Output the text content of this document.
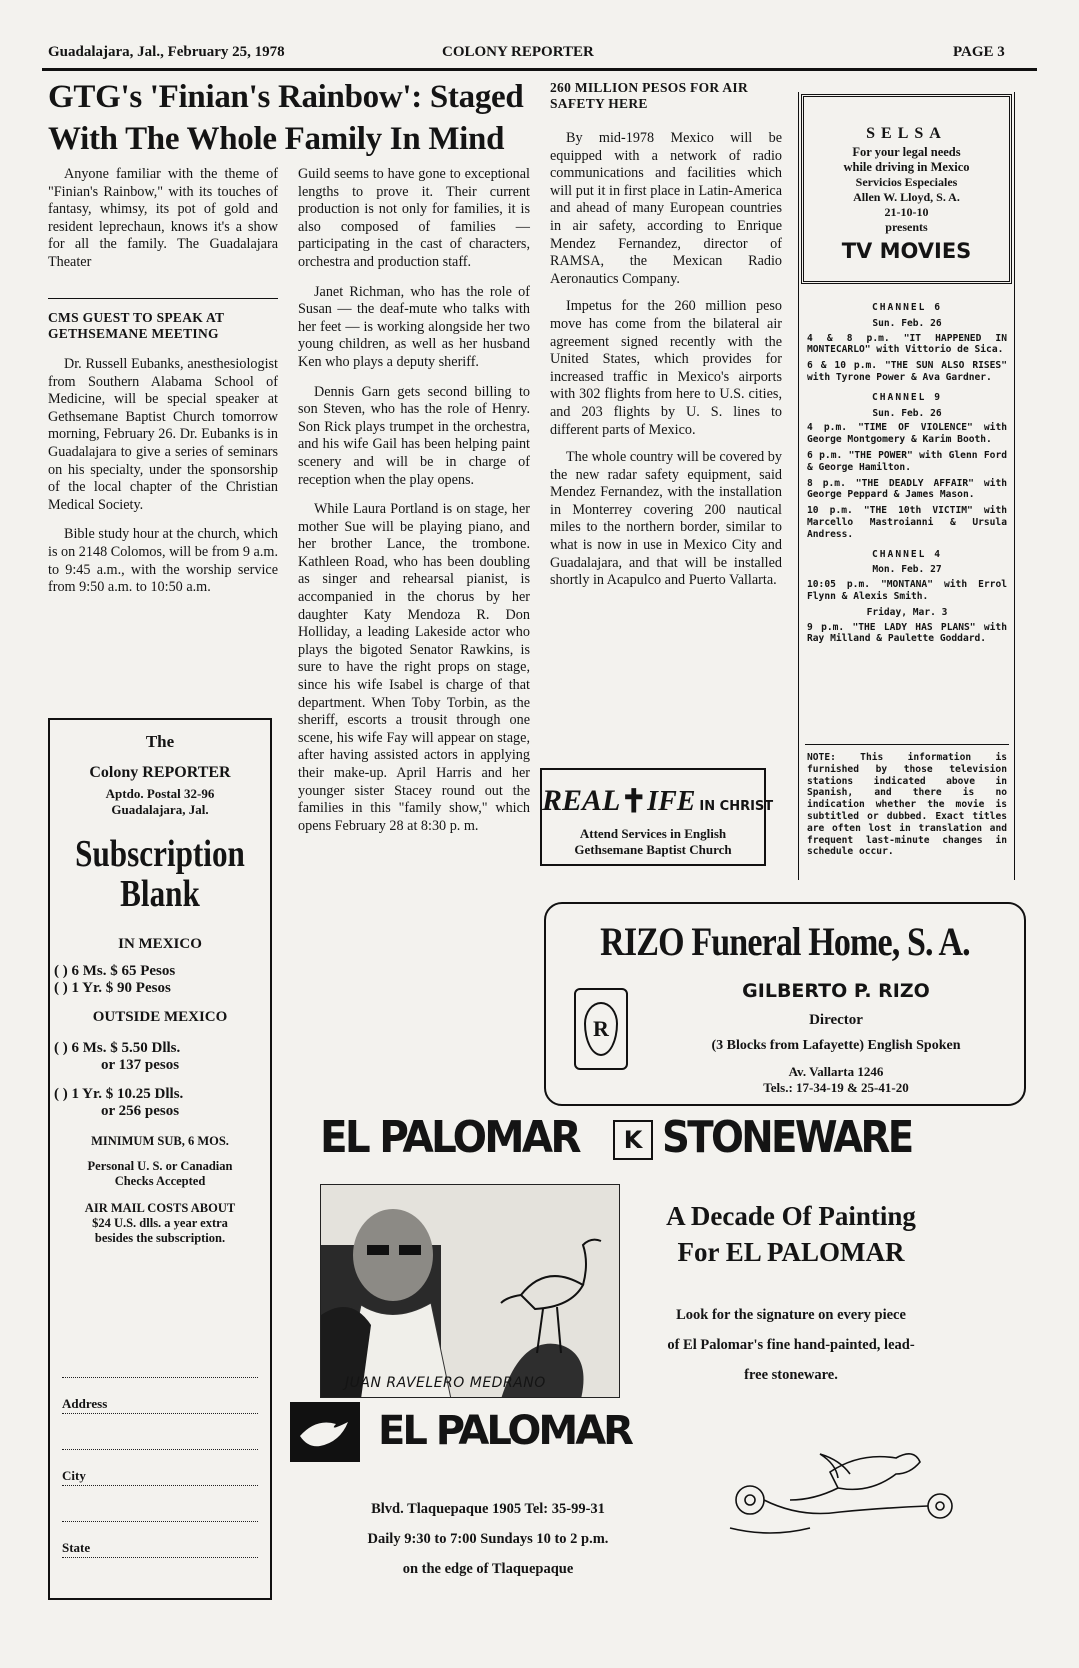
Guadalajara, Jal., February 25, 1978	COLONY REPORTER	PAGE 3
GTG's 'Finian's Rainbow': Staged
With The Whole Family In Mind

Anyone familiar with the theme of "Finian's Rainbow," with its touches of fantasy, whimsy, its pot of gold and resident leprechaun, knows it's a show for all the family. The Guadalajara Theater

CMS GUEST TO SPEAK AT GETHSEMANE MEETING

Dr. Russell Eubanks, anesthesiologist from Southern Alabama School of Medicine, will be special speaker at Gethsemane Baptist Church tomorrow morning, February 26. Dr. Eubanks is in Guadalajara to give a series of seminars on his specialty, under the sponsorship of the local chapter of the Christian Medical Society.

Bible study hour at the church, which is on 2148 Colomos, will be from 9 a.m. to 9:45 a.m., with the worship service from 9:50 a.m. to 10:50 a.m.

Guild seems to have gone to exceptional lengths to prove it. Their current production is not only for families, it is also composed of families — participating in the cast of characters, orchestra and production staff.

Janet Richman, who has the role of Susan — the deaf-mute who talks with her feet — is working alongside her two young children, as well as her husband Ken who plays a deputy sheriff.

Dennis Garn gets second billing to son Steven, who has the role of Henry. Son Rick plays trumpet in the orchestra, and his wife Gail has been helping paint scenery and will be in charge of reception when the play opens.

While Laura Portland is on stage, her mother Sue will be playing piano, and her brother Lance, the trombone. Kathleen Road, who has been doubling as singer and rehearsal pianist, is accompanied in the chorus by her daughter Katy Mendoza R. Don Holliday, a leading Lakeside actor who plays the bigoted Senator Rawkins, is sure to have the right props on stage, since his wife Isabel is charge of that department. When Toby Torbin, as the sheriff, escorts a trousit through one scene, his wife Fay will appear on stage, after having assisted actors in applying their make-up. April Harris and her younger sister Stacey round out the families in this "family show," which opens February 28 at 8:30 p. m.

260 MILLION PESOS FOR AIR SAFETY HERE

By mid-1978 Mexico will be equipped with a network of radio communications and facilities which will put it in first place in Latin-America and ahead of many European countries in air safety, according to Enrique Mendez Fernandez, director of RAMSA, the Mexican Radio Aeronautics Company.

Impetus for the 260 million peso move has come from the bilateral air agreement signed recently with the United States, which provides for increased traffic in Mexico's airports with 302 flights from here to U.S. cities, and 203 flights by U. S. lines to different parts of Mexico.

The whole country will be covered by the new radar safety equipment, said Mendez Fernandez, with the installation in Monterrey covering 200 nautical miles to the northern border, similar to what is now in use in Mexico City and Guadalajara, and that will be installed shortly in Acapulco and Puerto Vallarta.

SELSA
For your legal needs
while driving in Mexico
Servicios Especiales
Allen W. Lloyd, S. A.
21-10-10
presents
TV MOVIES
CHANNEL 6
Sun. Feb. 26
4 & 8 p.m. "IT HAPPENED IN MONTECARLO" with Vittorio de Sica.
6 & 10 p.m. "THE SUN ALSO RISES" with Tyrone Power & Ava Gardner.
CHANNEL 9
Sun. Feb. 26
4 p.m. "TIME OF VIOLENCE" with George Montgomery & Karim Booth.
6 p.m. "THE POWER" with Glenn Ford & George Hamilton.
8 p.m. "THE DEADLY AFFAIR" with George Peppard & James Mason.
10 p.m. "THE 10th VICTIM" with Marcello Mastroianni & Ursula Andress.
CHANNEL 4
Mon. Feb. 27
10:05 p.m. "MONTANA" with Errol Flynn & Alexis Smith.
Friday, Mar. 3
9 p.m. "THE LADY HAS PLANS" with Ray Milland & Paulette Goddard.
NOTE: This information is furnished by those television stations indicated above in Spanish, and there is no indication whether the movie is subtitled or dubbed. Exact titles are often lost in translation and frequent last-minute changes in schedule occur.
REAL✝IFE IN CHRIST
Attend Services in English
Gethsemane Baptist Church
RIZO Funeral Home, S. A.
R
GILBERTO P. RIZO
Director
(3 Blocks from Lafayette) English Spoken
Av. Vallarta 1246
Tels.: 17-34-19 & 25-41-20
The
Colony REPORTER
Aptdo. Postal 32-96
Guadalajara, Jal.
Subscription
Blank
IN MEXICO
( ) 6 Ms. $ 65 Pesos
( ) 1 Yr. $ 90 Pesos
OUTSIDE MEXICO
( ) 6 Ms. $ 5.50 Dlls.
or 137 pesos
( ) 1 Yr. $ 10.25 Dlls.
or 256 pesos
MINIMUM SUB, 6 MOS.
Personal U. S. or Canadian
Checks Accepted
AIR MAIL COSTS ABOUT
$24 U.S. dlls. a year extra
besides the subscription.
Address
City
State
EL PALOMAR	K STONEWARE
JUAN RAVELERO MEDRANO
A Decade Of Painting
For EL PALOMAR
Look for the signature on every piece
of El Palomar's fine hand-painted, lead-
free stoneware.
EL PALOMAR
Blvd. Tlaquepaque 1905 Tel: 35-99-31
Daily 9:30 to 7:00 Sundays 10 to 2 p.m.
on the edge of Tlaquepaque
